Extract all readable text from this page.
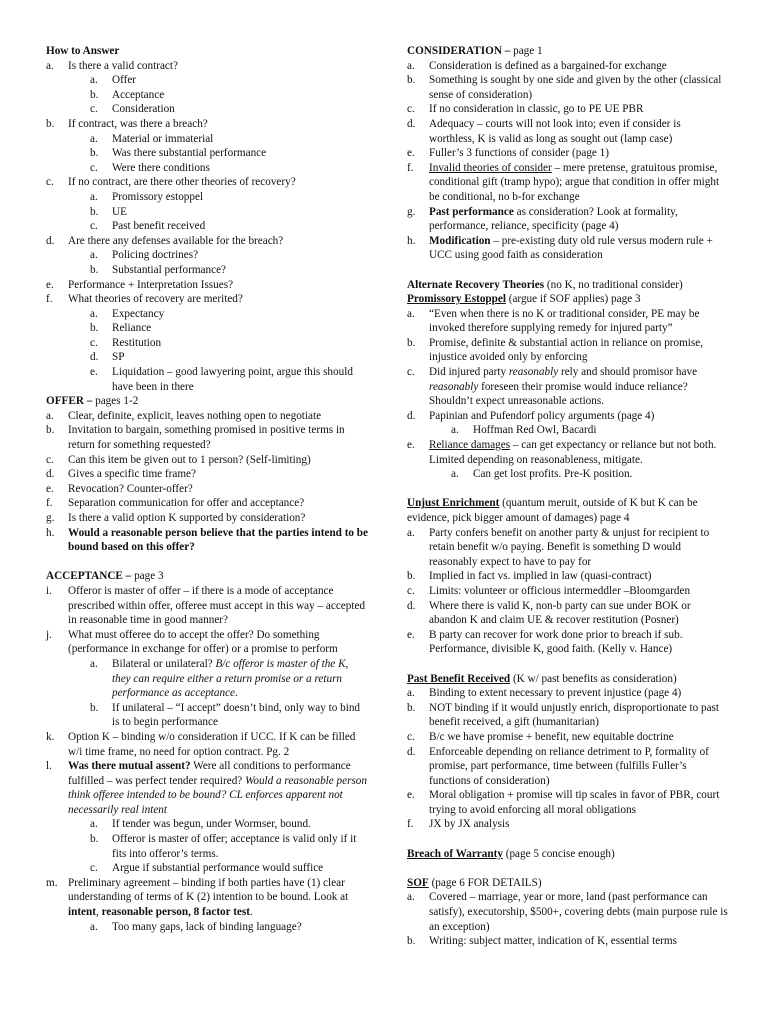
How to Answer
a.	Is there a valid contract?
a.	Offer
b.	Acceptance
c.	Consideration
b.	If contract, was there a breach?
a.	Material or immaterial
b.	Was there substantial performance
c.	Were there conditions
c.	If no contract, are there other theories of recovery?
a.	Promissory estoppel
b.	UE
c.	Past benefit received
d.	Are there any defenses available for the breach?
a.	Policing doctrines?
b.	Substantial performance?
e.	Performance + Interpretation Issues?
f.	What theories of recovery are merited?
a.	Expectancy
b.	Reliance
c.	Restitution
d.	SP
e.	Liquidation – good lawyering point, argue this should have been in there
OFFER – pages 1-2
a.	Clear, definite, explicit, leaves nothing open to negotiate
b.	Invitation to bargain, something promised in positive terms in return for something requested?
c.	Can this item be given out to 1 person? (Self-limiting)
d.	Gives a specific time frame?
e.	Revocation? Counter-offer?
f.	Separation communication for offer and acceptance?
g.	Is there a valid option K supported by consideration?
h.	Would a reasonable person believe that the parties intend to be bound based on this offer?
ACCEPTANCE – page 3
i.	Offeror is master of offer – if there is a mode of acceptance prescribed within offer, offeree must accept in this way – accepted in reasonable time in good manner?
j.	What must offeree do to accept the offer? Do something (performance in exchange for offer) or a promise to perform
a.	Bilateral or unilateral? B/c offeror is master of the K, they can require either a return promise or a return performance as acceptance.
b.	If unilateral – “I accept” doesn’t bind, only way to bind is to begin performance
k.	Option K – binding w/o consideration if UCC. If K can be filled w/i time frame, no need for option contract. Pg. 2
l.	Was there mutual assent? Were all conditions to performance fulfilled – was perfect tender required? Would a reasonable person think offeree intended to be bound? CL enforces apparent not necessarily real intent
a.	If tender was begun, under Wormser, bound.
b.	Offeror is master of offer; acceptance is valid only if it fits into offeror’s terms.
c.	Argue if substantial performance would suffice
m. Preliminary agreement – binding if both parties have (1) clear understanding of terms of K (2) intention to be bound. Look at intent, reasonable person, 8 factor test.
a.	Too many gaps, lack of binding language?
CONSIDERATION – page 1
a.	Consideration is defined as a bargained-for exchange
b.	Something is sought by one side and given by the other (classical sense of consideration)
c.	If no consideration in classic, go to PE UE PBR
d.	Adequacy – courts will not look into; even if consider is worthless, K is valid as long as sought out (lamp case)
e.	Fuller’s 3 functions of consider (page 1)
f.	Invalid theories of consider – mere pretense, gratuitous promise, conditional gift (tramp hypo); argue that condition in offer might be conditional, no b-for exchange
g.	Past performance as consideration? Look at formality, performance, reliance, specificity (page 4)
h.	Modification – pre-existing duty old rule versus modern rule + UCC using good faith as consideration
Alternate Recovery Theories (no K, no traditional consider)
Promissory Estoppel (argue if SOF applies) page 3
a.	“Even when there is no K or traditional consider, PE may be invoked therefore supplying remedy for injured party”
b.	Promise, definite & substantial action in reliance on promise, injustice avoided only by enforcing
c.	Did injured party reasonably rely and should promisor have reasonably foreseen their promise would induce reliance? Shouldn’t expect unreasonable actions.
d.	Papinian and Pufendorf policy arguments (page 4)
a.	Hoffman Red Owl, Bacardi
e.	Reliance damages – can get expectancy or reliance but not both. Limited depending on reasonableness, mitigate.
a.	Can get lost profits. Pre-K position.
Unjust Enrichment (quantum meruit, outside of K but K can be evidence, pick bigger amount of damages) page 4
a.	Party confers benefit on another party & unjust for recipient to retain benefit w/o paying. Benefit is something D would reasonably expect to have to pay for
b.	Implied in fact vs. implied in law (quasi-contract)
c.	Limits: volunteer or officious intermeddler –Bloomgarden
d.	Where there is valid K, non-b party can sue under BOK or abandon K and claim UE & recover restitution (Posner)
e.	B party can recover for work done prior to breach if sub. Performance, divisible K, good faith. (Kelly v. Hance)
Past Benefit Received (K w/ past benefits as consideration)
a.	Binding to extent necessary to prevent injustice (page 4)
b.	NOT binding if it would unjustly enrich, disproportionate to past benefit received, a gift (humanitarian)
c.	B/c we have promise + benefit, new equitable doctrine
d.	Enforceable depending on reliance detriment to P, formality of promise, part performance, time between (fulfills Fuller’s functions of consideration)
e.	Moral obligation + promise will tip scales in favor of PBR, court trying to avoid enforcing all moral obligations
f.	JX by JX analysis
Breach of Warranty (page 5 concise enough)
SOF (page 6 FOR DETAILS)
a.	Covered – marriage, year or more, land (past performance can satisfy), executorship, $500+, covering debts (main purpose rule is an exception)
b.	Writing: subject matter, indication of K, essential terms
